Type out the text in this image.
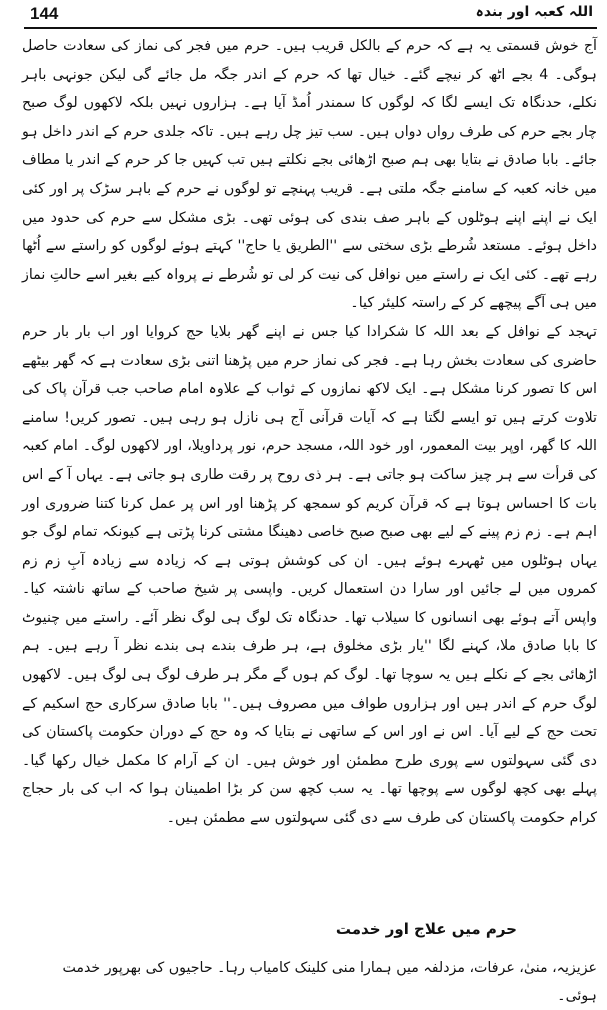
144	اللہ کعبہ اور بندہ

آج خوش قسمتی یہ ہے کہ حرم کے بالکل قریب ہیں۔ حرم میں فجر کی نماز کی سعادت حاصل ہوگی۔ 4 بجے اٹھ کر نیچے گئے۔ خیال تھا کہ حرم کے اندر جگہ مل جائے گی لیکن جونہی باہر نکلے، حدنگاہ تک ایسے لگا کہ لوگوں کا سمندر اُمڈ آیا ہے۔ ہزاروں نہیں بلکہ لاکھوں لوگ صبح چار بجے حرم کی طرف رواں دواں ہیں۔ سب تیز چل رہے ہیں۔ تاکہ جلدی حرم کے اندر داخل ہو جائے۔ بابا صادق نے بتایا بھی ہم صبح اڑھائی بجے نکلتے ہیں تب کہیں جا کر حرم کے اندر یا مطاف میں خانہ کعبہ کے سامنے جگہ ملتی ہے۔ قریب پہنچے تو لوگوں نے حرم کے باہر سڑک پر اور کئی ایک نے اپنے اپنے ہوٹلوں کے باہر صف بندی کی ہوئی تھی۔ بڑی مشکل سے حرم کی حدود میں داخل ہوئے۔ مستعد شُرطے بڑی سختی سے ''الطریق یا حاج'' کہتے ہوئے لوگوں کو راستے سے اُٹھا رہے تھے۔ کئی ایک نے راستے میں نوافل کی نیت کر لی تو شُرطے نے پرواہ کیے بغیر اسے حالتِ نماز میں ہی آگے پیچھے کر کے راستہ کلیئر کیا۔

تہجد کے نوافل کے بعد اللہ کا شکرادا کیا جس نے اپنے گھر بلایا حج کروایا اور اب بار بار حرم حاضری کی سعادت بخش رہا ہے۔ فجر کی نماز حرم میں پڑھنا اتنی بڑی سعادت ہے کہ گھر بیٹھے اس کا تصور کرنا مشکل ہے۔ ایک لاکھ نمازوں کے ثواب کے علاوہ امام صاحب جب قرآن پاک کی تلاوت کرتے ہیں تو ایسے لگتا ہے کہ آیات قرآنی آج ہی نازل ہو رہی ہیں۔ تصور کریں! سامنے اللہ کا گھر، اوپر بیت المعمور، اور خود اللہ، مسجد حرم، نور پرداویلا، اور لاکھوں لوگ۔ امام کعبہ کی قرأت سے ہر چیز ساکت ہو جاتی ہے۔ ہر ذی روح پر رقت طاری ہو جاتی ہے۔ یہاں آ کے اس بات کا احساس ہوتا ہے کہ قرآن کریم کو سمجھ کر پڑھنا اور اس پر عمل کرنا کتنا ضروری اور اہم ہے۔ زم زم پینے کے لیے بھی صبح صبح خاصی دھینگا مشتی کرنا پڑتی ہے کیونکہ تمام لوگ جو یہاں ہوٹلوں میں ٹھہرے ہوئے ہیں۔ ان کی کوشش ہوتی ہے کہ زیادہ سے زیادہ آبِ زم زم کمروں میں لے جائیں اور سارا دن استعمال کریں۔ واپسی پر شیخ صاحب کے ساتھ ناشتہ کیا۔ واپس آتے ہوئے بھی انسانوں کا سیلاب تھا۔ حدنگاہ تک لوگ ہی لوگ نظر آئے۔ راستے میں چنیوٹ کا بابا صادق ملا، کہنے لگا ''یار بڑی مخلوق ہے، ہر طرف بندے ہی بندے نظر آ رہے ہیں۔ ہم اڑھائی بجے کے نکلے ہیں یہ سوچا تھا۔ لوگ کم ہوں گے مگر ہر طرف لوگ ہی لوگ ہیں۔ لاکھوں لوگ حرم کے اندر ہیں اور ہزاروں طواف میں مصروف ہیں۔'' بابا صادق سرکاری حج اسکیم کے تحت حج کے لیے آیا۔ اس نے اور اس کے ساتھی نے بتایا کہ وہ حج کے دوران حکومت پاکستان کی دی گئی سہولتوں سے پوری طرح مطمئن اور خوش ہیں۔ ان کے آرام کا مکمل خیال رکھا گیا۔ پہلے بھی کچھ لوگوں سے پوچھا تھا۔ یہ سب کچھ سن کر بڑا اطمینان ہوا کہ اب کی بار حجاج کرام حکومت پاکستان کی طرف سے دی گئی سہولتوں سے مطمئن ہیں۔

حرم میں علاج اور خدمت
عزیزیہ، منیٰ، عرفات، مزدلفہ میں ہمارا منی کلینک کامیاب رہا۔ حاجیوں کی بھرپور خدمت ہوئی۔
